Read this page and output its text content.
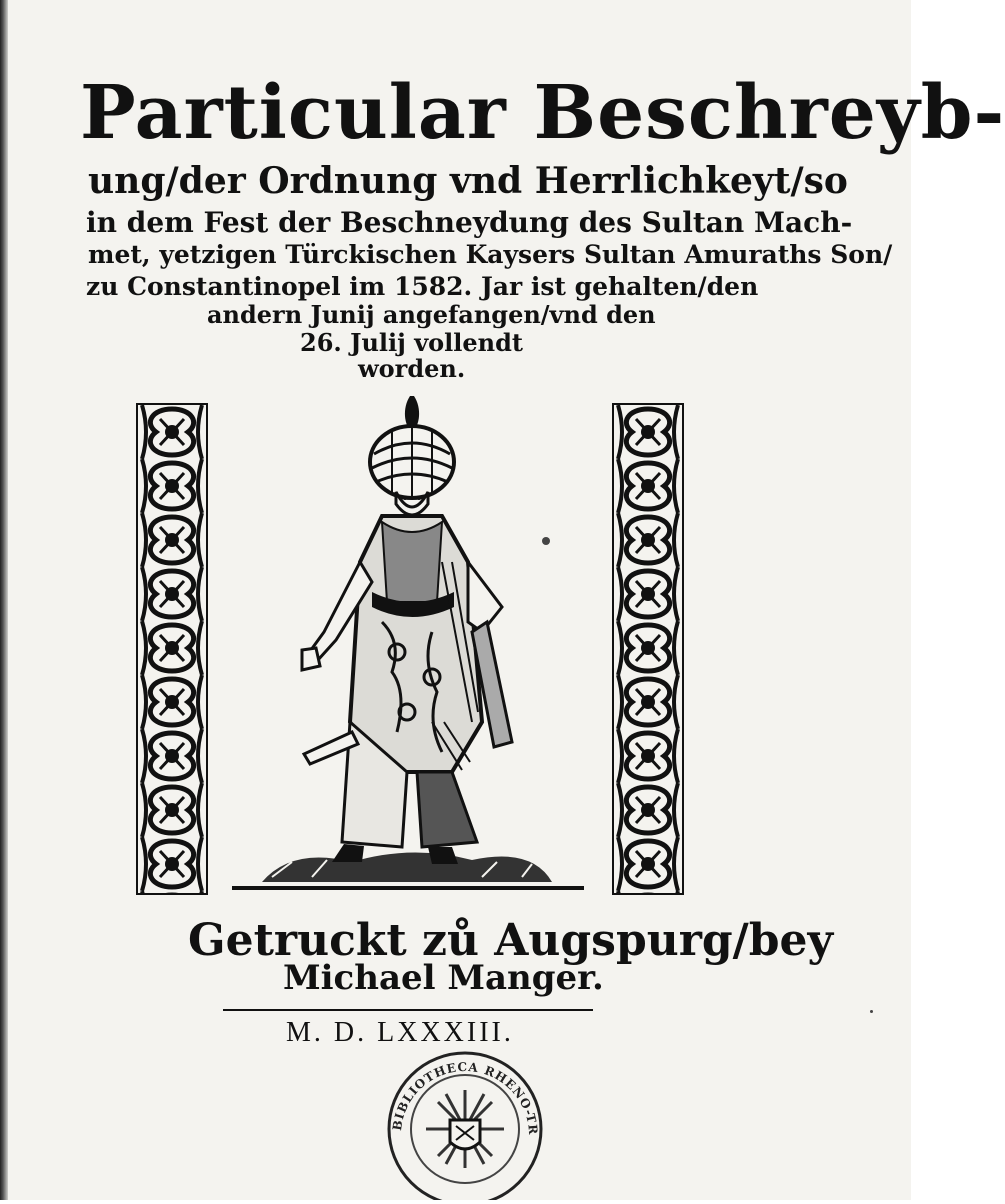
Particular Beschreyb-
ung/der Ordnung vnd Herrlichkeyt/so
in dem Fest der Beschneydung des Sultan Mach-
met, yetzigen Türckischen Kaysers Sultan Amuraths Son/
zu Constantinopel im 1582. Jar ist gehalten/den
andern Junij angefangen/vnd den
26. Julij vollendt
worden.
Getruckt zů Augspurg/bey
Michael Manger.
M. D. LXXXIII.
BIBLIOTHECA RHENO-TR
